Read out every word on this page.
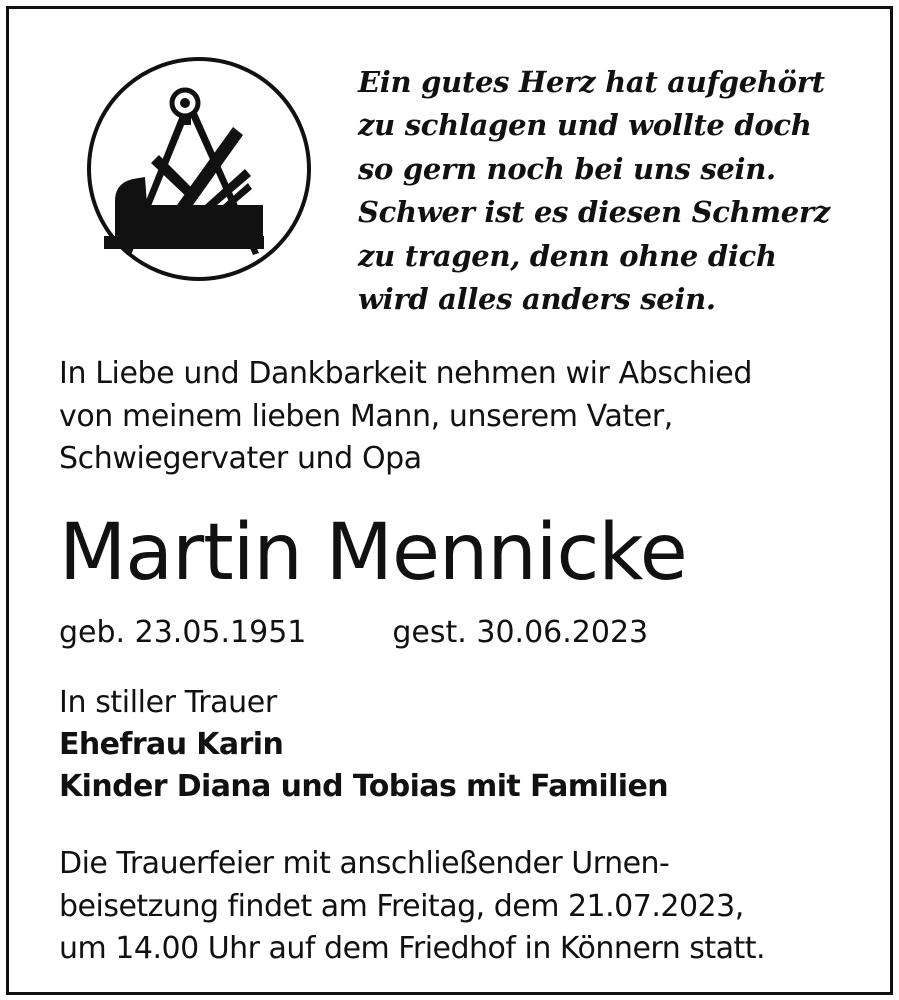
Ein gutes Herz hat aufgehört
zu schlagen und wollte doch
so gern noch bei uns sein.
Schwer ist es diesen Schmerz
zu tragen, denn ohne dich
wird alles anders sein.
In Liebe und Dankbarkeit nehmen wir Abschied
von meinem lieben Mann, unserem Vater,
Schwiegervater und Opa
Martin Mennicke
geb. 23.05.1951	gest. 30.06.2023
In stiller Trauer
Ehefrau Karin
Kinder Diana und Tobias mit Familien
Die Trauerfeier mit anschließender Urnen-
beisetzung findet am Freitag, dem 21.07.2023,
um 14.00 Uhr auf dem Friedhof in Könnern statt.
